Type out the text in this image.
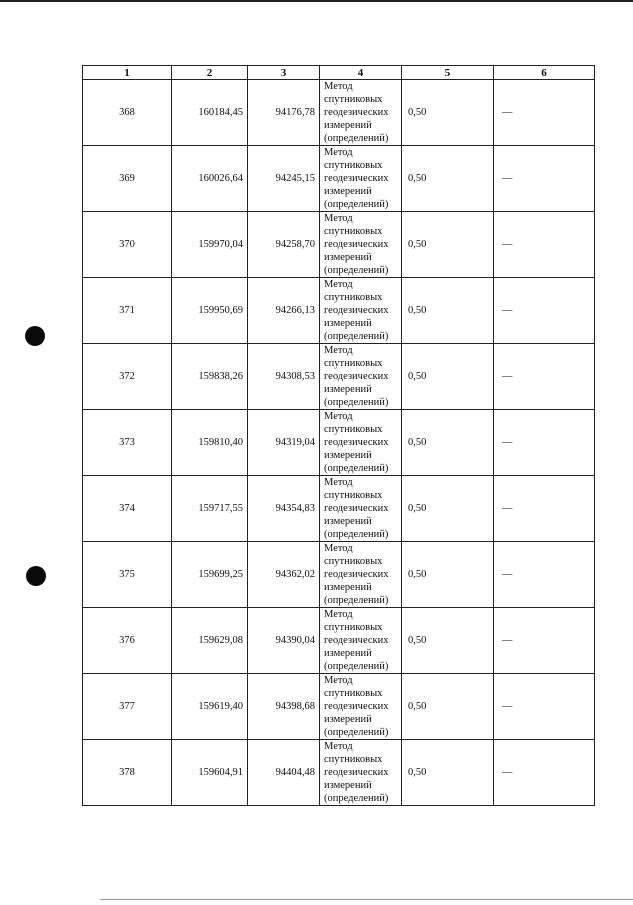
1	2	3	4	5	6
368	160184,45	94176,78	Метод
спутниковых
геодезических
измерений
(определений)	0,50	—
369	160026,64	94245,15	Метод
спутниковых
геодезических
измерений
(определений)	0,50	—
370	159970,04	94258,70	Метод
спутниковых
геодезических
измерений
(определений)	0,50	—
371	159950,69	94266,13	Метод
спутниковых
геодезических
измерений
(определений)	0,50	—
372	159838,26	94308,53	Метод
спутниковых
геодезических
измерений
(определений)	0,50	—
373	159810,40	94319,04	Метод
спутниковых
геодезических
измерений
(определений)	0,50	—
374	159717,55	94354,83	Метод
спутниковых
геодезических
измерений
(определений)	0,50	—
375	159699,25	94362,02	Метод
спутниковых
геодезических
измерений
(определений)	0,50	—
376	159629,08	94390,04	Метод
спутниковых
геодезических
измерений
(определений)	0,50	—
377	159619,40	94398,68	Метод
спутниковых
геодезических
измерений
(определений)	0,50	—
378	159604,91	94404,48	Метод
спутниковых
геодезических
измерений
(определений)	0,50	—
